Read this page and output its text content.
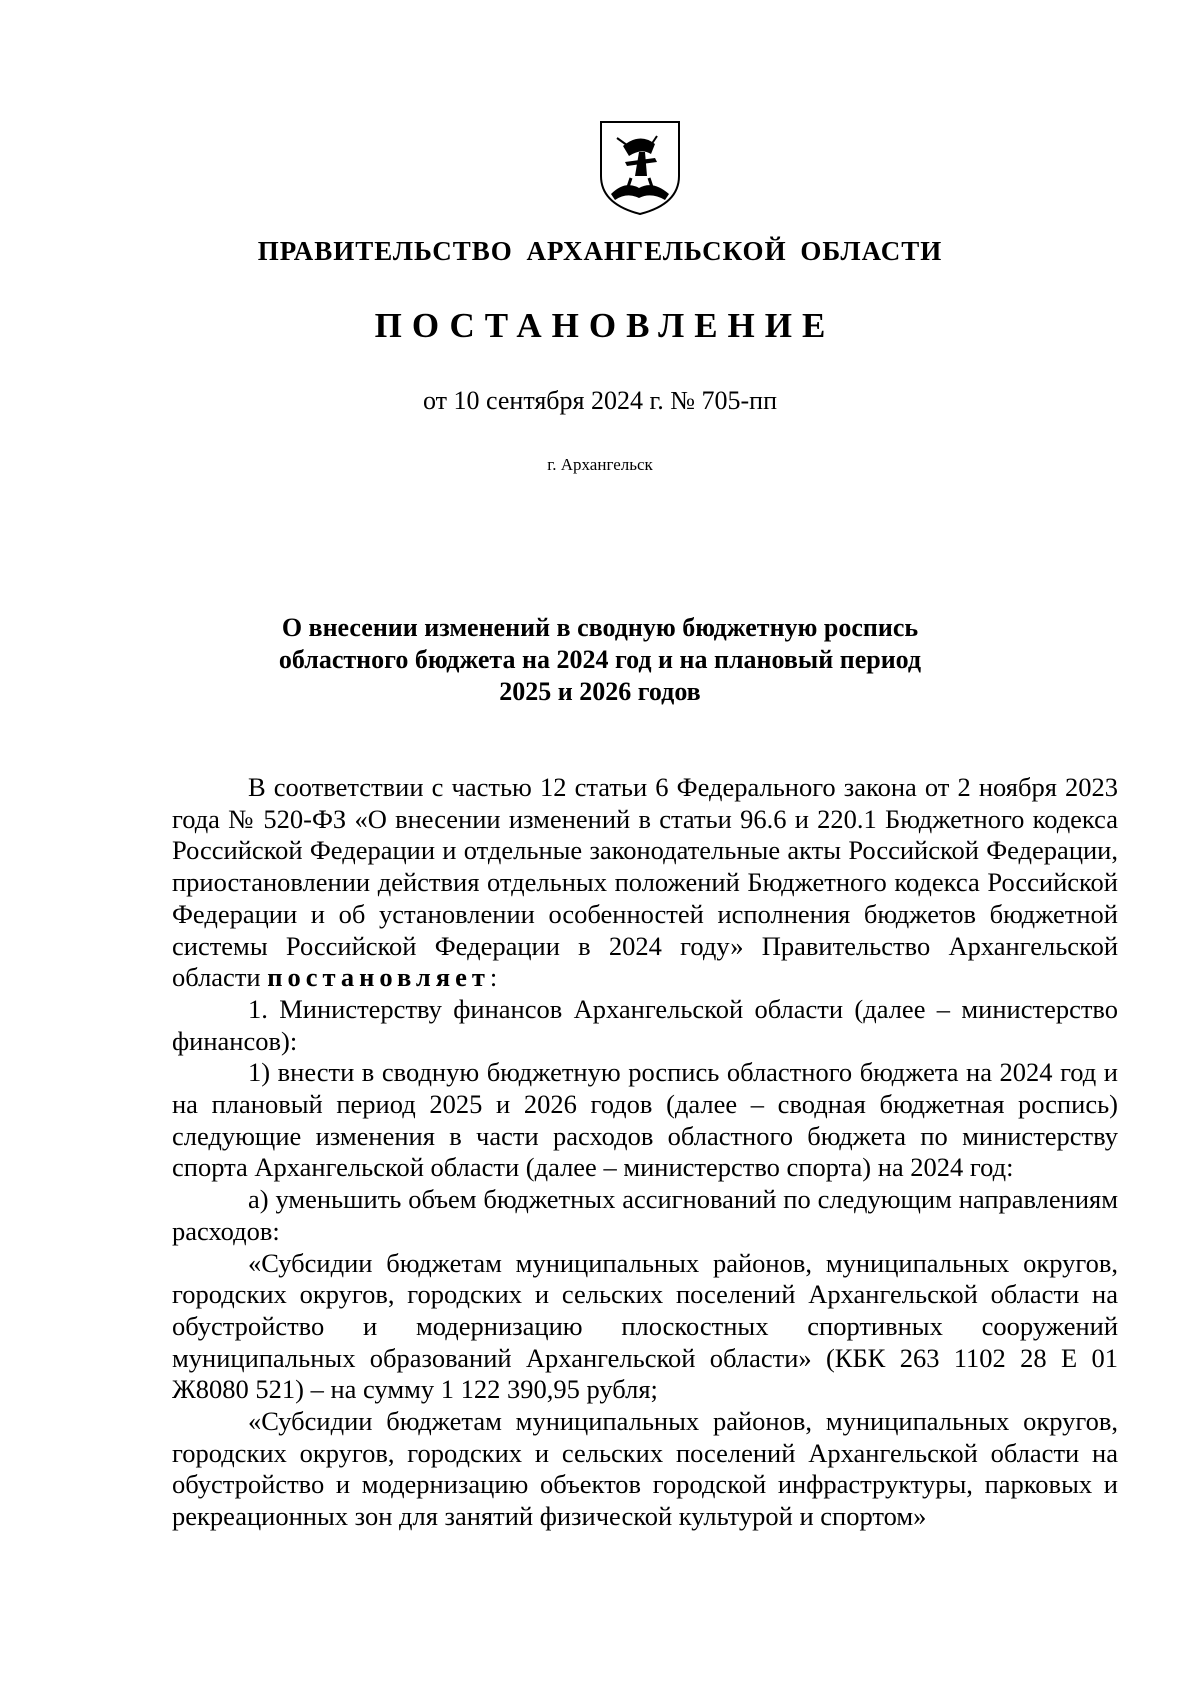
ПРАВИТЕЛЬСТВО АРХАНГЕЛЬСКОЙ ОБЛАСТИ
ПОСТАНОВЛЕНИЕ
от 10 сентября 2024 г. № 705-пп
г. Архангельск
О внесении изменений в сводную бюджетную роспись
областного бюджета на 2024 год и на плановый период
2025 и 2026 годов

В соответствии с частью 12 статьи 6 Федерального закона от 2 ноября 2023 года № 520-ФЗ «О внесении изменений в статьи 96.6 и 220.1 Бюджетного кодекса Российской Федерации и отдельные законодательные акты Российской Федерации, приостановлении действия отдельных положений Бюджетного кодекса Российской Федерации и об установлении особенностей исполнения бюджетов бюджетной системы Российской Федерации в 2024 году» Правительство Архангельской области постановляет:

1. Министерству финансов Архангельской области (далее – министерство финансов):

1) внести в сводную бюджетную роспись областного бюджета на 2024 год и на плановый период 2025 и 2026 годов (далее – сводная бюджетная роспись) следующие изменения в части расходов областного бюджета по министерству спорта Архангельской области (далее – министерство спорта) на 2024 год:

а) уменьшить объем бюджетных ассигнований по следующим направлениям расходов:

«Субсидии бюджетам муниципальных районов, муниципальных округов, городских округов, городских и сельских поселений Архангельской области на обустройство и модернизацию плоскостных спортивных сооружений муниципальных образований Архангельской области» (КБК 263 1102 28 Е 01 Ж8080 521) – на сумму 1 122 390,95 рубля;

«Субсидии бюджетам муниципальных районов, муниципальных округов, городских округов, городских и сельских поселений Архангельской области на обустройство и модернизацию объектов городской инфраструктуры, парковых и рекреационных зон для занятий физической культурой и спортом»
